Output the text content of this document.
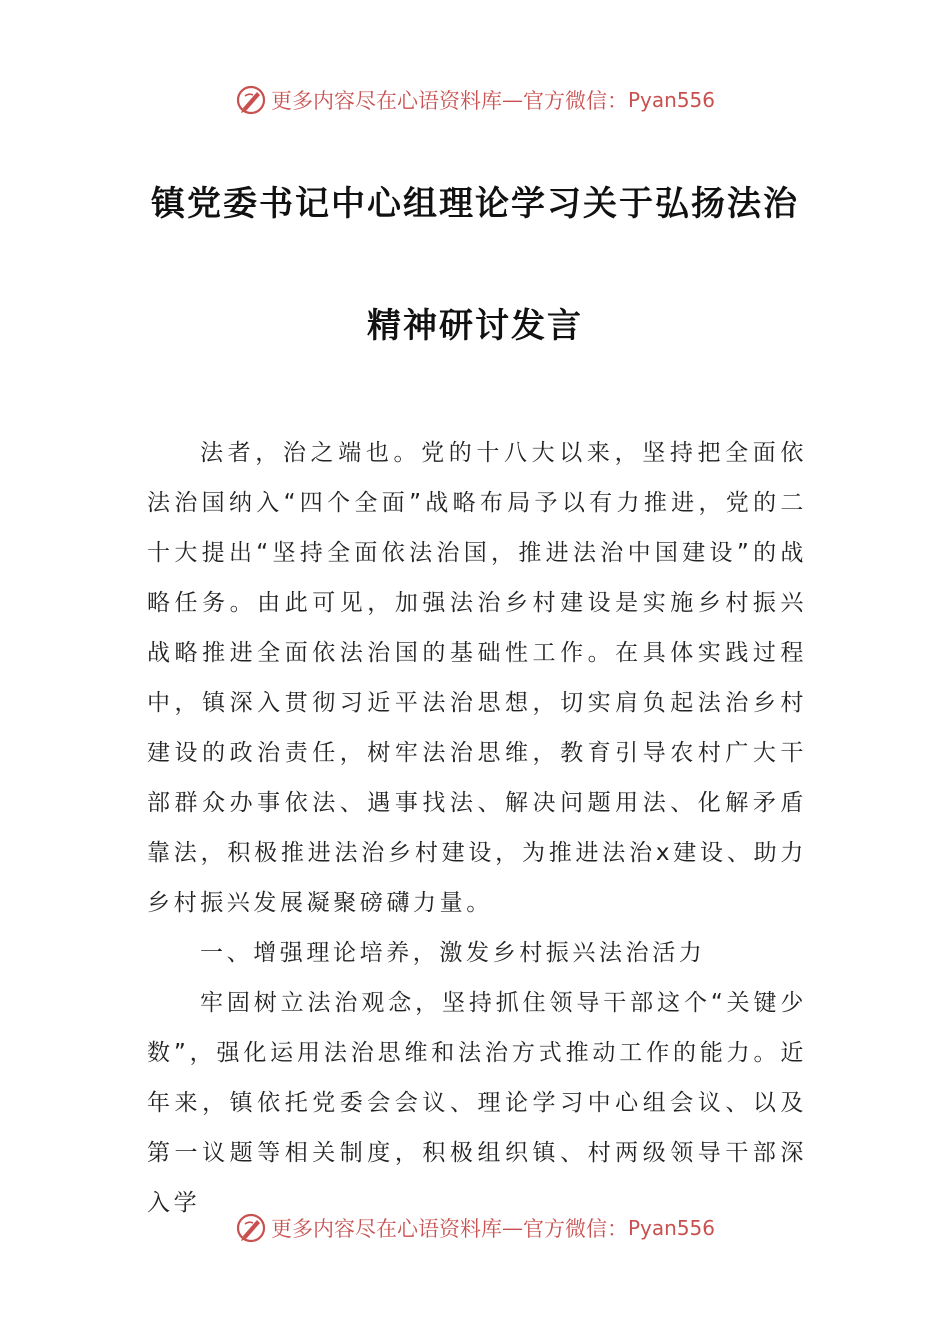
更多内容尽在心语资料库 — 官方微信： Pyan556
镇党委书记中心组理论学习关于弘扬法治
精神研讨发言

法者，治之端也。党的十八大以来，坚持把全面依法治国纳入“四个全面”战略布局予以有力推进，党的二十大提出“坚持全面依法治国，推进法治中国建设”的战略任务。由此可见，加强法治乡村建设是实施乡村振兴战略推进全面依法治国的基础性工作。在具体实践过程中，镇深入贯彻习近平法治思想，切实肩负起法治乡村建设的政治责任，树牢法治思维，教育引导农村广大干部群众办事依法、遇事找法、解决问题用法、化解矛盾靠法，积极推进法治乡村建设，为推进法治x建设、助力乡村振兴发展凝聚磅礴力量。

一、增强理论培养，激发乡村振兴法治活力

牢固树立法治观念，坚持抓住领导干部这个“关键少数”，强化运用法治思维和法治方式推动工作的能力。近年来，镇依托党委会会议、理论学习中心组会议、以及第一议题等相关制度，积极组织镇、村两级领导干部深入学

更多内容尽在心语资料库 — 官方微信： Pyan556
